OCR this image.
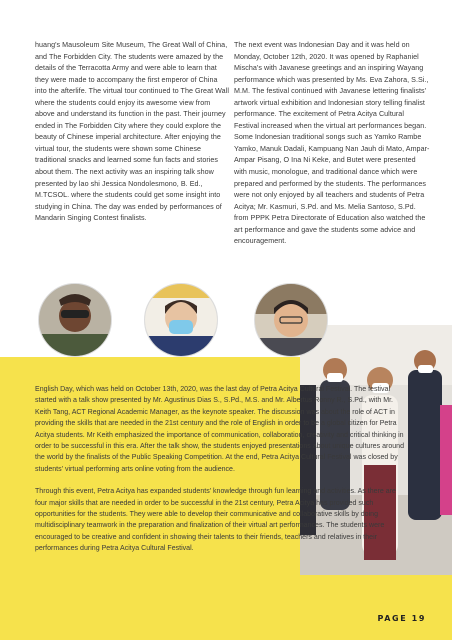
huang's Mausoleum Site Museum, The Great Wall of China, and The Forbidden City. The students were amazed by the details of the Terracotta Army and were able to learn that they were made to accompany the first emperor of China into the afterlife. The virtual tour continued to The Great Wall where the students could enjoy its awesome view from above and understand its function in the past. Their journey ended in The Forbidden City where they could explore the beauty of Chinese imperial architecture. After enjoying the virtual tour, the students were shown some Chinese traditional snacks and learned some fun facts and stories about them. The next activity was an inspiring talk show presented by lao shi Jessica Nondolesmono, B. Ed., M.TCSOL. where the students could get some insight into studying in China. The day was ended by performances of Mandarin Singing Contest finalists.
The next event was Indonesian Day and it was held on Monday, October 12th, 2020. It was opened by Raphaniel Mischa's with Javanese greetings and an inspiring Wayang performance which was presented by Ms. Eva Zahora, S.Si., M.M. The festival continued with Javanese lettering finalists' artwork virtual exhibition and Indonesian story telling finalist performance. The excitement of Petra Acitya Cultural Festival increased when the virtual art performances began. Some Indonesian traditional songs such as Yamko Rambe Yamko, Manuk Dadali, Kampuang Nan Jauh di Mato, Ampar-Ampar Pisang, O Ina Ni Keke, and Butet were presented with music, monologue, and traditional dance which were prepared and performed by the students. The performances were not only enjoyed by all teachers and students of Petra Acitya; Mr. Kasmuri, S.Pd. and Ms. Melia Santoso, S.Pd. from PPPK Petra Directorate of Education also watched the art performance and gave the students some advice and encouragement.

English Day, which was held on October 13th, 2020, was the last day of Petra Acitya Cultural Festival. The festival started with a talk show presented by Mr. Agustinus Dias S., S.Pd., M.S. and Mr. Albertus Ronny R., S.Pd., with Mr. Keith Tang, ACT Regional Academic Manager, as the keynote speaker. The discussion was about the role of ACT in providing the skills that are needed in the 21st century and the role of English in order to be a global citizen for Petra Acitya students. Mr Keith emphasized the importance of communication, collaboration, creativity and critical thinking in order to be successful in this era. After the talk show, the students enjoyed presentations about unique cultures around the world by the finalists of the Public Speaking Competition. At the end, Petra Acitya Cultural Festival was closed by students' virtual performing arts online voting from the audience.

Through this event, Petra Acitya has expanded students' knowledge through fun learning and activities. As there are four major skills that are needed in order to be successful in the 21st century, Petra Acitya has provided such opportunities for the students. They were able to develop their communicative and collaborative skills by doing multidisciplinary teamwork in the preparation and finalization of their virtual art performances. The students were encouraged to be creative and confident in showing their talents to their friends, teachers and relatives in their performances during Petra Acitya Cultural Festival.

PAGE 19
